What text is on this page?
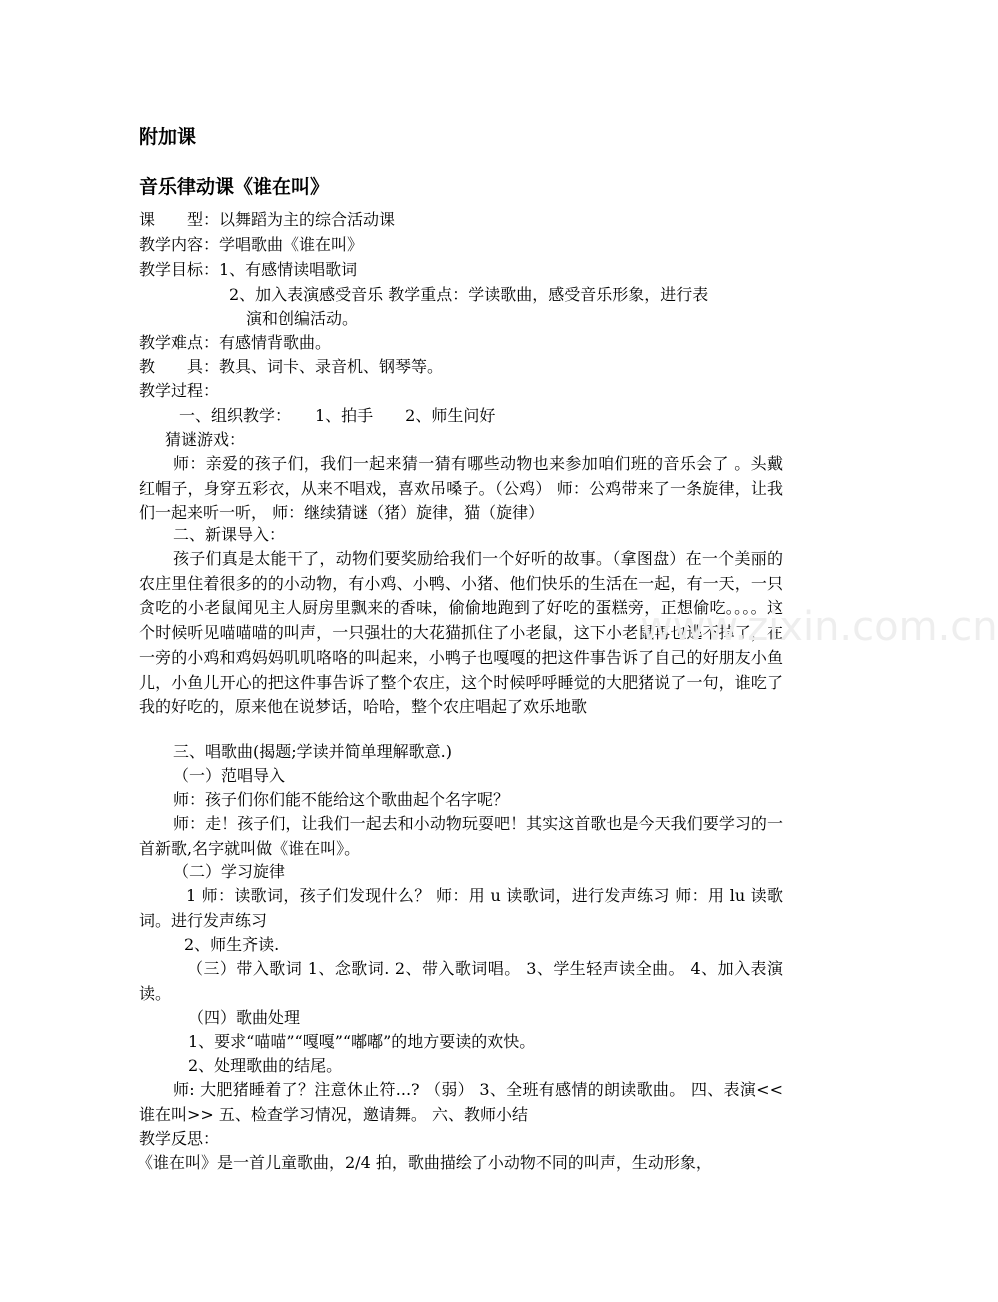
附加课
音乐律动课《谁在叫》
课　　型：以舞蹈为主的综合活动课
教学内容：学唱歌曲《谁在叫》
教学目标：1、有感情读唱歌词
2、加入表演感受音乐 教学重点：学读歌曲，感受音乐形象，进行表
演和创编活动。
教学难点：有感情背歌曲。
教　　具：教具、词卡、录音机、钢琴等。
教学过程：
一、组织教学：　　1、拍手　　2、师生问好
猜谜游戏：
师：亲爱的孩子们，我们一起来猜一猜有哪些动物也来参加咱们班的音乐会了 。头戴红帽子，身穿五彩衣，从来不唱戏，喜欢吊嗓子。（公鸡） 师：公鸡带来了一条旋律，让我们一起来听一听， 师：继续猜谜（猪）旋律，猫（旋律）
二、新课导入：
孩子们真是太能干了，动物们要奖励给我们一个好听的故事。（拿图盘）在一个美丽的农庄里住着很多的的小动物，有小鸡、小鸭、小猪、他们快乐的生活在一起，有一天，一只贪吃的小老鼠闻见主人厨房里飘来的香味，偷偷地跑到了好吃的蛋糕旁，正想偷吃。。。。这个时候听见喵喵喵的叫声，一只强壮的大花猫抓住了小老鼠，这下小老鼠再也逃不掉了，在一旁的小鸡和鸡妈妈叽叽咯咯的叫起来，小鸭子也嘎嘎的把这件事告诉了自己的好朋友小鱼儿，小鱼儿开心的把这件事告诉了整个农庄，这个时候呼呼睡觉的大肥猪说了一句，谁吃了我的好吃的，原来他在说梦话，哈哈，整个农庄唱起了欢乐地歌
三、唱歌曲(揭题;学读并简单理解歌意.)
（一）范唱导入
师：孩子们你们能不能给这个歌曲起个名字呢？
师：走！孩子们，让我们一起去和小动物玩耍吧！其实这首歌也是今天我们要学习的一首新歌,名字就叫做《谁在叫》。
（二）学习旋律
1 师：读歌词，孩子们发现什么？ 师：用 u 读歌词，进行发声练习 师：用 lu 读歌词。进行发声练习
2、师生齐读.
（三）带入歌词 1、念歌词. 2、带入歌词唱。 3、学生轻声读全曲。 4、加入表演读。
（四）歌曲处理
1、要求“喵喵”“嘎嘎”“嘟嘟”的地方要读的欢快。
2、处理歌曲的结尾。
师: 大肥猪睡着了？注意休止符...? （弱） 3、全班有感情的朗读歌曲。 四、表演<<谁在叫>> 五、检查学习情况，邀请舞。 六、教师小结
教学反思：
《谁在叫》是一首儿童歌曲，2/4 拍，歌曲描绘了小动物不同的叫声，生动形象，
www.zixin.com.cn
